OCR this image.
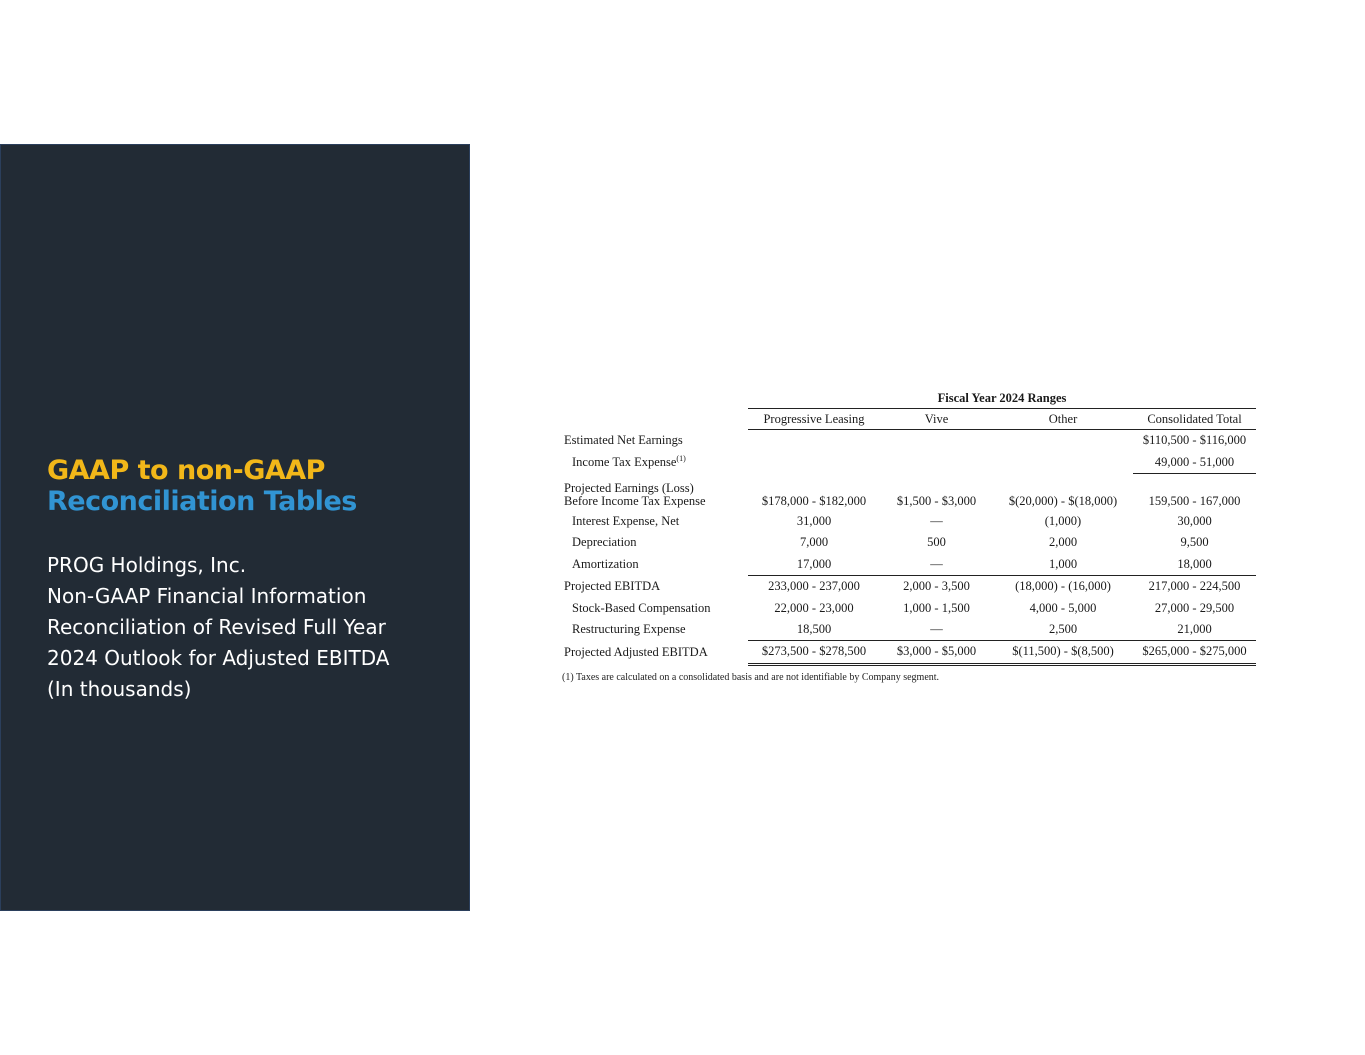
GAAP to non-GAAP
Reconciliation Tables
PROG Holdings, Inc.
Non-GAAP Financial Information
Reconciliation of Revised Full Year
2024 Outlook for Adjusted EBITDA
(In thousands)
	Fiscal Year 2024 Ranges			
	Progressive Leasing	Vive	Other	Consolidated Total
Estimated Net Earnings				$110,500 - $116,000
Income Tax Expense$^{(1)}$				49,000 - 51,000

Projected Earnings (Loss)
Before Income Tax Expense	$178,000 - $182,000	$1,500 - $3,000	$(20,000) - $(18,000)	159,500 - 167,000
Interest Expense, Net	31,000	—	(1,000)	30,000
Depreciation	7,000	500	2,000	9,500
Amortization	17,000	—	1,000	18,000
Projected EBITDA	233,000 - 237,000	2,000 - 3,500	(18,000) - (16,000)	217,000 - 224,500
Stock-Based Compensation	22,000 - 23,000	1,000 - 1,500	4,000 - 5,000	27,000 - 29,500
Restructuring Expense	18,500	—	2,500	21,000
Projected Adjusted EBITDA	$273,500 - $278,500	$3,000 - $5,000	$(11,500) - $(8,500)	$265,000 - $275,000
(1) Taxes are calculated on a consolidated basis and are not identifiable by Company segment.
